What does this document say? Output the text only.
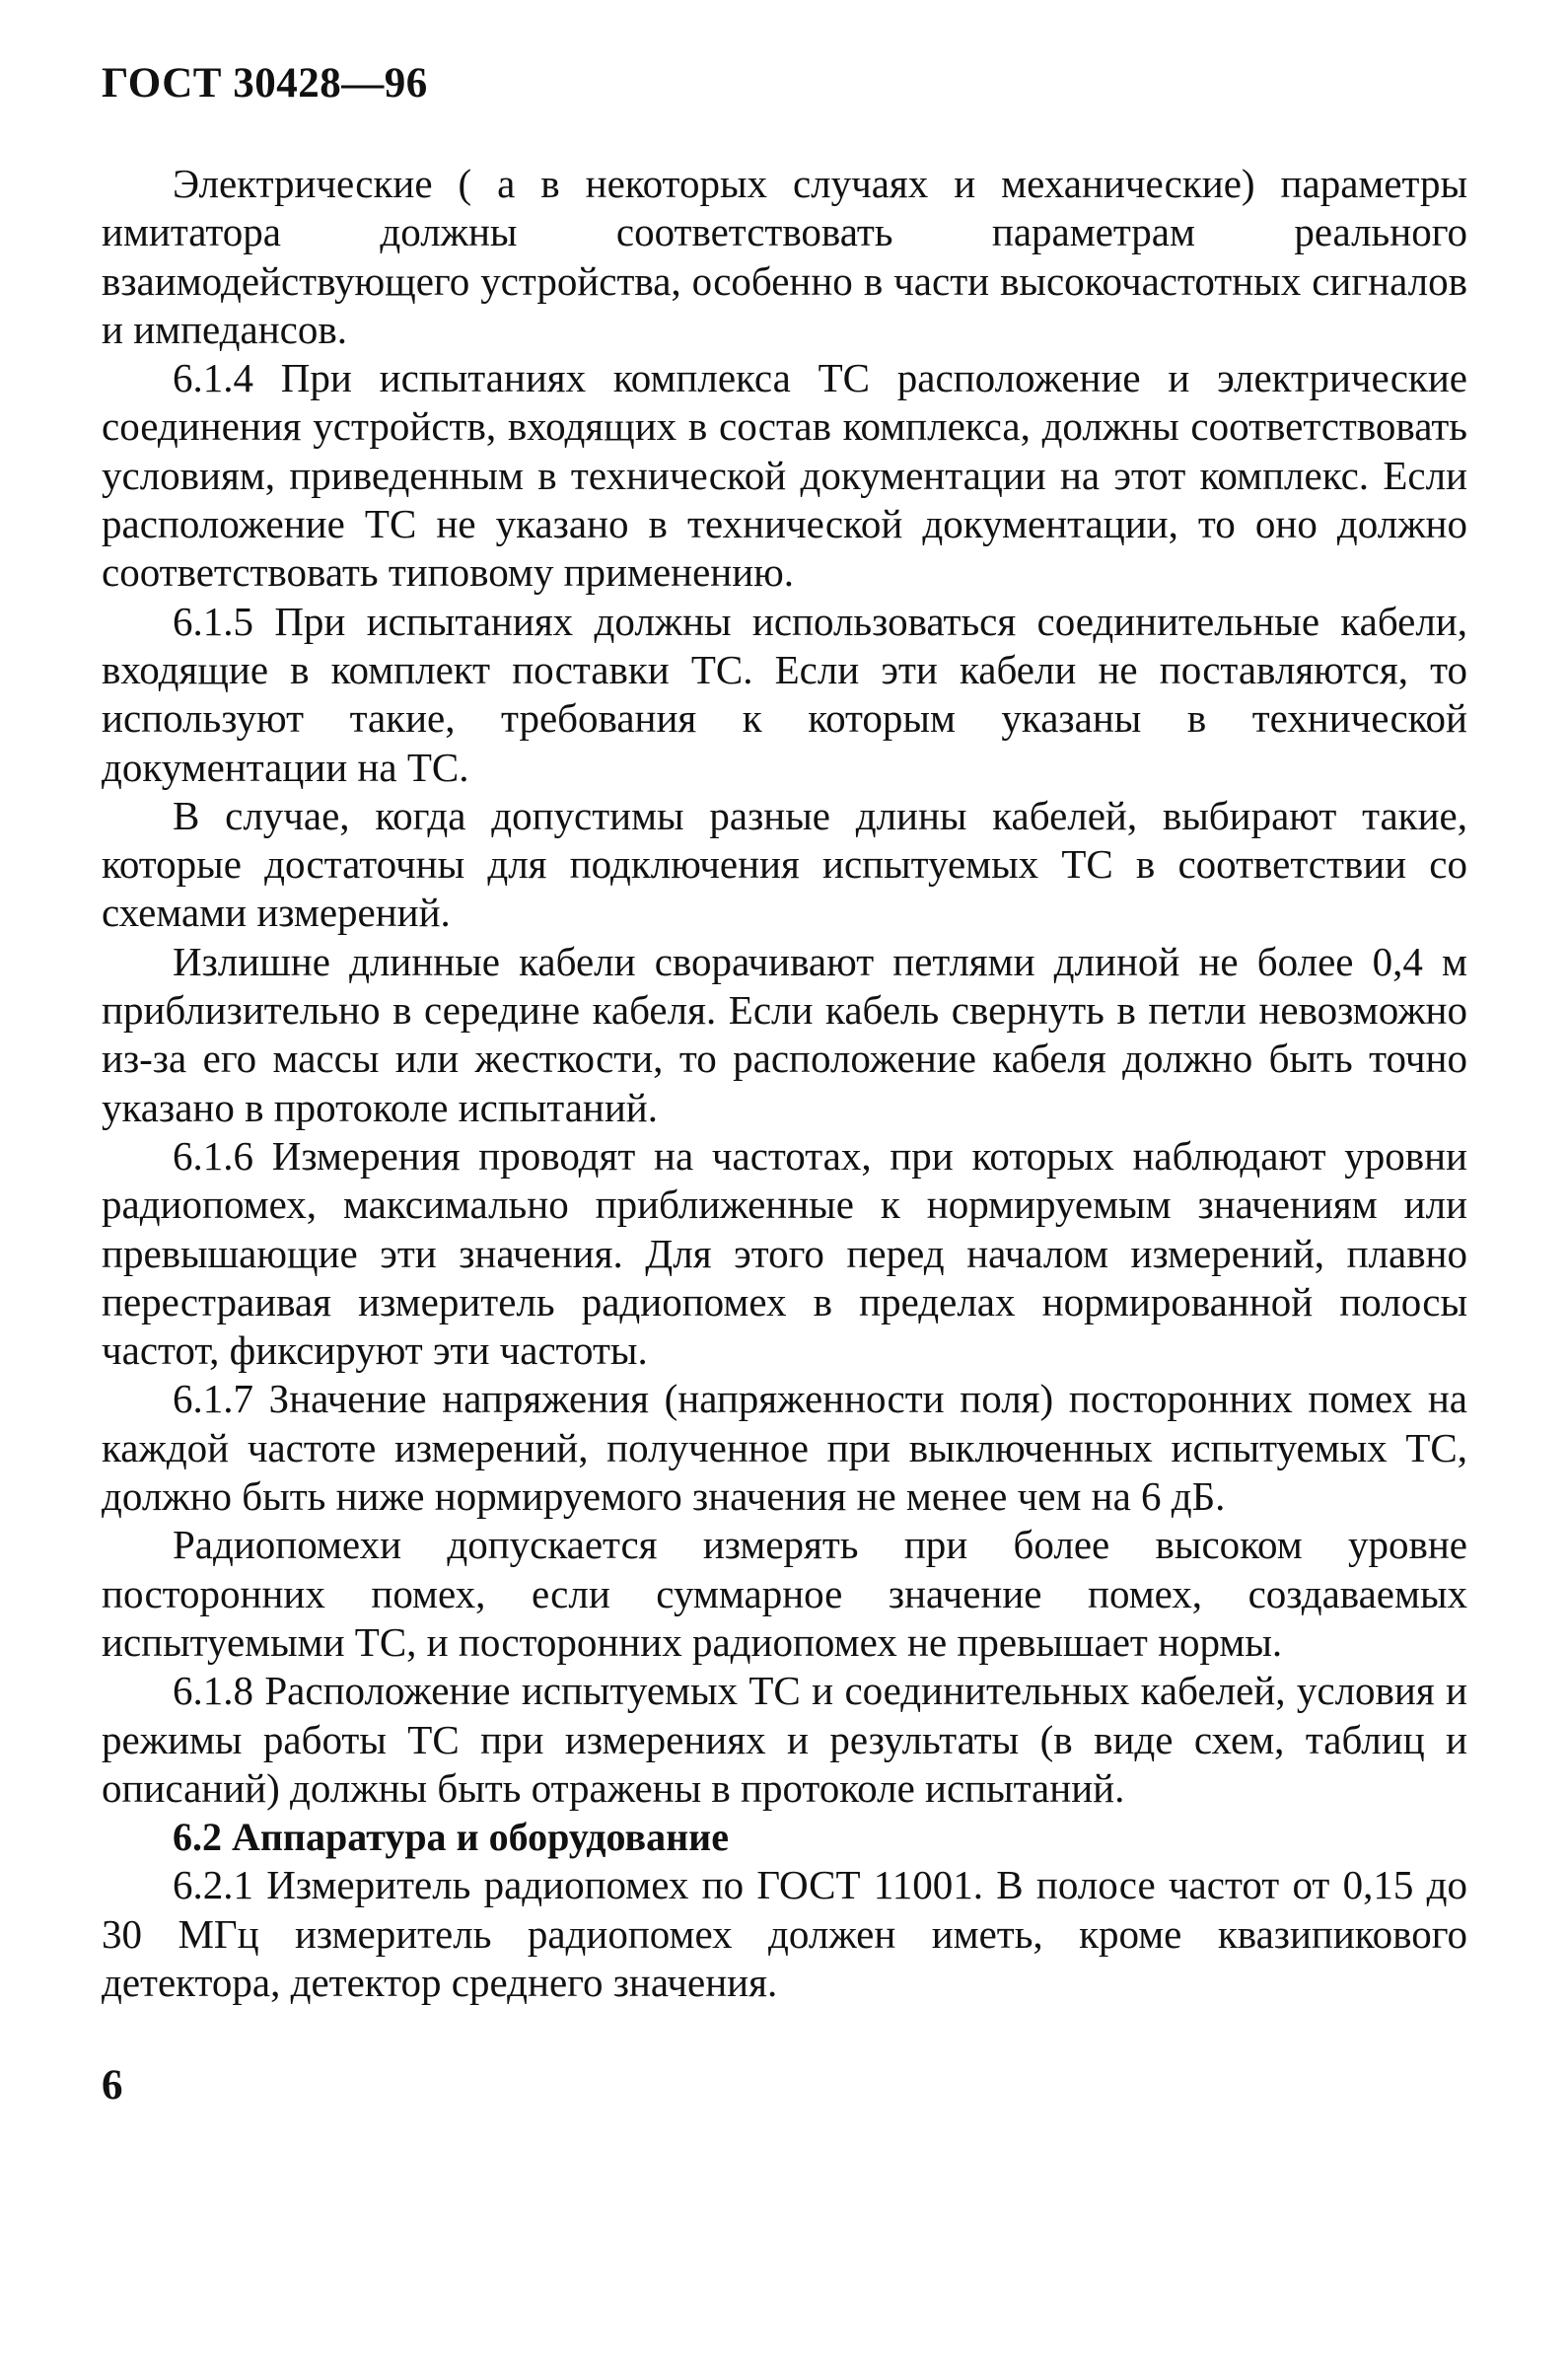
ГОСТ 30428—96

Электрические ( а в некоторых случаях и механические) параметры имитатора должны соответствовать параметрам реального взаимодействующего устройства, особенно в части высокочастотных сигналов и импедансов.

6.1.4 При испытаниях комплекса ТС расположение и электрические соединения устройств, входящих в состав комплекса, должны соответствовать условиям, приведенным в технической документации на этот комплекс. Если расположение ТС не указано в технической документации, то оно должно соответствовать типовому применению.

6.1.5 При испытаниях должны использоваться соединительные кабели, входящие в комплект поставки ТС. Если эти кабели не поставляются, то используют такие, требования к которым указаны в технической документации на ТС.

В случае, когда допустимы разные длины кабелей, выбирают такие, которые достаточны для подключения испытуемых ТС в соответствии со схемами измерений.

Излишне длинные кабели сворачивают петлями длиной не более 0,4 м приблизительно в середине кабеля. Если кабель свернуть в петли невозможно из-за его массы или жесткости, то расположение кабеля должно быть точно указано в протоколе испытаний.

6.1.6 Измерения проводят на частотах, при которых наблюдают уровни радиопомех, максимально приближенные к нормируемым значениям или превышающие эти значения. Для этого перед началом измерений, плавно перестраивая измеритель радиопомех в пределах нормированной полосы частот, фиксируют эти частоты.

6.1.7 Значение напряжения (напряженности поля) посторонних помех на каждой частоте измерений, полученное при выключенных испытуемых ТС, должно быть ниже нормируемого значения не менее чем на 6 дБ.

Радиопомехи допускается измерять при более высоком уровне посторонних помех, если суммарное значение помех, создаваемых испытуемыми ТС, и посторонних радиопомех не превышает нормы.

6.1.8 Расположение испытуемых ТС и соединительных кабелей, условия и режимы работы ТС при измерениях и результаты (в виде схем, таблиц и описаний) должны быть отражены в протоколе испытаний.

6.2 Аппаратура и оборудование

6.2.1 Измеритель радиопомех по ГОСТ 11001. В полосе частот от 0,15 до 30 МГц измеритель радиопомех должен иметь, кроме квазипикового детектора, детектор среднего значения.

6
